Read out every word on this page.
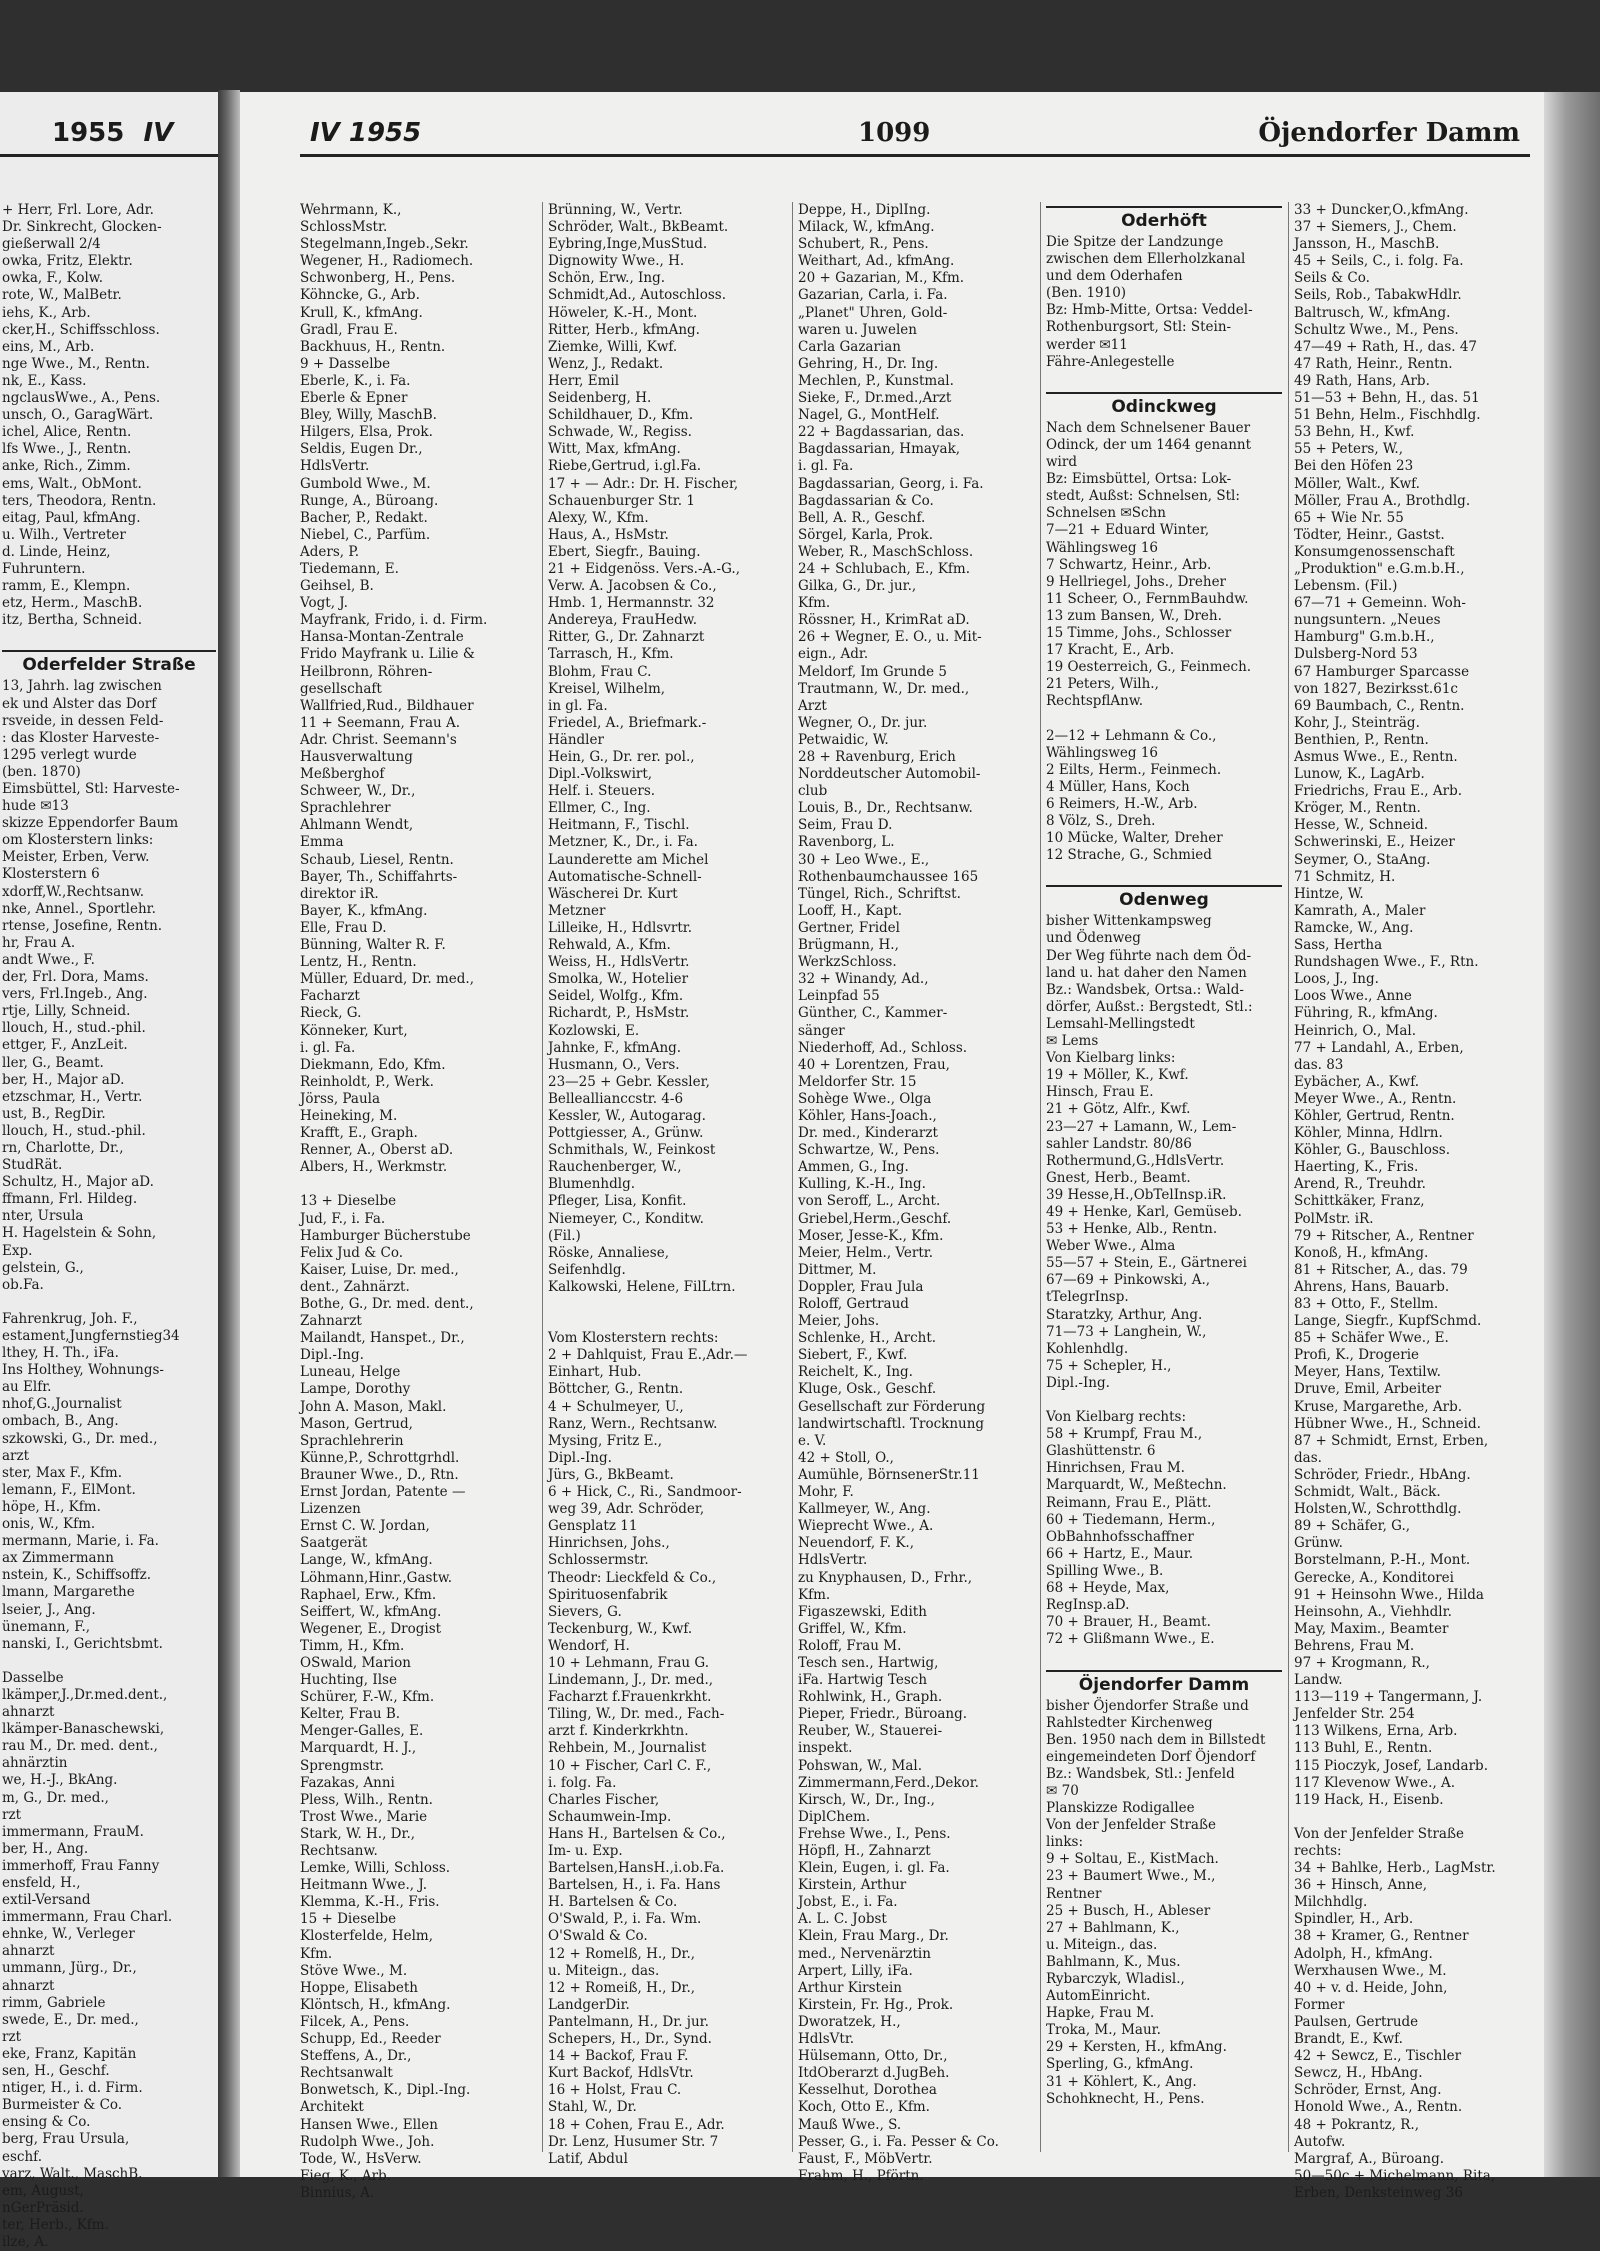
1955 IV
+ Herr, Frl. Lore, Adr.
Dr. Sinkrecht, Glocken-
gießerwall 2/4
owka, Fritz, Elektr.
owka, F., Kolw.
rote, W., MalBetr.
iehs, K., Arb.
cker,H., Schiffsschloss.
eins, M., Arb.
nge Wwe., M., Rentn.
nk, E., Kass.
ngclausWwe., A., Pens.
unsch, O., GaragWärt.
ichel, Alice, Rentn.
lfs Wwe., J., Rentn.
anke, Rich., Zimm.
ems, Walt., ObMont.
ters, Theodora, Rentn.
eitag, Paul, kfmAng.
u. Wilh., Vertreter
d. Linde, Heinz,
Fuhruntern.
ramm, E., Klempn.
etz, Herm., MaschB.
itz, Bertha, Schneid.
Oderfelder Straße
13, Jahrh. lag zwischen
ek und Alster das Dorf
rsveide, in dessen Feld-
: das Kloster Harveste-
1295 verlegt wurde
(ben. 1870)
Eimsbüttel, Stl: Harveste-
hude ✉13
skizze Eppendorfer Baum
om Klosterstern links:
Meister, Erben, Verw.
Klosterstern 6
xdorff,W.,Rechtsanw.
nke, Annel., Sportlehr.
rtense, Josefine, Rentn.
hr, Frau A.
andt Wwe., F.
der, Frl. Dora, Mams.
vers, Frl.Ingeb., Ang.
rtje, Lilly, Schneid.
llouch, H., stud.-phil.
ettger, F., AnzLeit.
ller, G., Beamt.
ber, H., Major aD.
etzschmar, H., Vertr.
ust, B., RegDir.
llouch, H., stud.-phil.
rn, Charlotte, Dr.,
StudRät.
Schultz, H., Major aD.
ffmann, Frl. Hildeg.
nter, Ursula
H. Hagelstein & Sohn,
Exp.
gelstein, G.,
ob.Fa.
Fahrenkrug, Joh. F.,
estament,Jungfernstieg34
lthey, H. Th., iFa.
Ins Holthey, Wohnungs-
au Elfr.
nhof,G.,Journalist
ombach, B., Ang.
szkowski, G., Dr. med.,
arzt
ster, Max F., Kfm.
lemann, F., ElMont.
höpe, H., Kfm.
onis, W., Kfm.
mermann, Marie, i. Fa.
ax Zimmermann
nstein, K., Schiffsoffz.
lmann, Margarethe
lseier, J., Ang.
ünemann, F.,
nanski, I., Gerichtsbmt.
Dasselbe
lkämper,J.,Dr.med.dent.,
ahnarzt
lkämper-Banaschewski,
rau M., Dr. med. dent.,
ahnärztin
we, H.-J., BkAng.
m, G., Dr. med.,
rzt
immermann, FrauM.
ber, H., Ang.
immerhoff, Frau Fanny
ensfeld, H.,
extil-Versand
immermann, Frau Charl.
ehnke, W., Verleger
ahnarzt
ummann, Jürg., Dr.,
ahnarzt
rimm, Gabriele
swede, E., Dr. med.,
rzt
eke, Franz, Kapitän
sen, H., Geschf.
ntiger, H., i. d. Firm.
Burmeister & Co.
ensing & Co.
berg, Frau Ursula,
eschf.
varz, Walt., MaschB.
em, August,
nGerPräsid.
ter, Herb., Kfm.
ilze, A.
IV 1955	1099	Öjendorfer Damm
Wehrmann, K.,
SchlossMstr.
Stegelmann,Ingeb.,Sekr.
Wegener, H., Radiomech.
Schwonberg, H., Pens.
Köhncke, G., Arb.
Krull, K., kfmAng.
Gradl, Frau E.
Backhuus, H., Rentn.
9 + Dasselbe
Eberle, K., i. Fa.
Eberle & Epner
Bley, Willy, MaschB.
Hilgers, Elsa, Prok.
Seldis, Eugen Dr.,
HdlsVertr.
Gumbold Wwe., M.
Runge, A., Büroang.
Bacher, P., Redakt.
Niebel, C., Parfüm.
Aders, P.
Tiedemann, E.
Geihsel, B.
Vogt, J.
Mayfrank, Frido, i. d. Firm.
Hansa-Montan-Zentrale
Frido Mayfrank u. Lilie &
Heilbronn, Röhren-
gesellschaft
Wallfried,Rud., Bildhauer
11 + Seemann, Frau A.
Adr. Christ. Seemann's
Hausverwaltung
Meßberghof
Schweer, W., Dr.,
Sprachlehrer
Ahlmann Wendt,
Emma
Schaub, Liesel, Rentn.
Bayer, Th., Schiffahrts-
direktor iR.
Bayer, K., kfmAng.
Elle, Frau D.
Bünning, Walter R. F.
Lentz, H., Rentn.
Müller, Eduard, Dr. med.,
Facharzt
Rieck, G.
Könneker, Kurt,
i. gl. Fa.
Diekmann, Edo, Kfm.
Reinholdt, P., Werk.
Jörss, Paula
Heineking, M.
Krafft, E., Graph.
Renner, A., Oberst aD.
Albers, H., Werkmstr.
13 + Dieselbe
Jud, F., i. Fa.
Hamburger Bücherstube
Felix Jud & Co.
Kaiser, Luise, Dr. med.,
dent., Zahnärzt.
Bothe, G., Dr. med. dent.,
Zahnarzt
Mailandt, Hanspet., Dr.,
Dipl.-Ing.
Luneau, Helge
Lampe, Dorothy
John A. Mason, Makl.
Mason, Gertrud,
Sprachlehrerin
Künne,P., Schrottgrhdl.
Brauner Wwe., D., Rtn.
Ernst Jordan, Patente —
Lizenzen
Ernst C. W. Jordan,
Saatgerät
Lange, W., kfmAng.
Löhmann,Hinr.,Gastw.
Raphael, Erw., Kfm.
Seiffert, W., kfmAng.
Wegener, E., Drogist
Timm, H., Kfm.
OSwald, Marion
Huchting, Ilse
Schürer, F.-W., Kfm.
Kelter, Frau B.
Menger-Galles, E.
Marquardt, H. J.,
Sprengmstr.
Fazakas, Anni
Pless, Wilh., Rentn.
Trost Wwe., Marie
Stark, W. H., Dr.,
Rechtsanw.
Lemke, Willi, Schloss.
Heitmann Wwe., J.
Klemma, K.-H., Fris.
15 + Dieselbe
Klosterfelde, Helm,
Kfm.
Stöve Wwe., M.
Hoppe, Elisabeth
Klöntsch, H., kfmAng.
Filcek, A., Pens.
Schupp, Ed., Reeder
Steffens, A., Dr.,
Rechtsanwalt
Bonwetsch, K., Dipl.-Ing.
Architekt
Hansen Wwe., Ellen
Rudolph Wwe., Joh.
Tode, W., HsVerw.
Fieg, K., Arb.
Binnius, A.
Brünning, W., Vertr.
Schröder, Walt., BkBeamt.
Eybring,Inge,MusStud.
Dignowity Wwe., H.
Schön, Erw., Ing.
Schmidt,Ad., Autoschloss.
Höweler, K.-H., Mont.
Ritter, Herb., kfmAng.
Ziemke, Willi, Kwf.
Wenz, J., Redakt.
Herr, Emil
Seidenberg, H.
Schildhauer, D., Kfm.
Schwade, W., Regiss.
Witt, Max, kfmAng.
Riebe,Gertrud, i.gl.Fa.
17 + — Adr.: Dr. H. Fischer,
Schauenburger Str. 1
Alexy, W., Kfm.
Haus, A., HsMstr.
Ebert, Siegfr., Bauing.
21 + Eidgenöss. Vers.-A.-G.,
Verw. A. Jacobsen & Co.,
Hmb. 1, Hermannstr. 32
Andereya, FrauHedw.
Ritter, G., Dr. Zahnarzt
Tarrasch, H., Kfm.
Blohm, Frau C.
Kreisel, Wilhelm,
in gl. Fa.
Friedel, A., Briefmark.-
Händler
Hein, G., Dr. rer. pol.,
Dipl.-Volkswirt,
Helf. i. Steuers.
Ellmer, C., Ing.
Heitmann, F., Tischl.
Metzner, K., Dr., i. Fa.
Launderette am Michel
Automatische-Schnell-
Wäscherei Dr. Kurt
Metzner
Lilleike, H., Hdlsvrtr.
Rehwald, A., Kfm.
Weiss, H., HdlsVertr.
Smolka, W., Hotelier
Seidel, Wolfg., Kfm.
Richardt, P., HsMstr.
Kozlowski, E.
Jahnke, F., kfmAng.
Husmann, O., Vers.
23—25 + Gebr. Kessler,
Belleallianccstr. 4-6
Kessler, W., Autogarag.
Pottgiesser, A., Grünw.
Schmithals, W., Feinkost
Rauchenberger, W.,
Blumenhdlg.
Pfleger, Lisa, Konfit.
Niemeyer, C., Konditw.
(Fil.)
Röske, Annaliese,
Seifenhdlg.
Kalkowski, Helene, FilLtrn.
Vom Klosterstern rechts:
2 + Dahlquist, Frau E.,Adr.—
Einhart, Hub.
Böttcher, G., Rentn.
4 + Schulmeyer, U.,
Ranz, Wern., Rechtsanw.
Mysing, Fritz E.,
Dipl.-Ing.
Jürs, G., BkBeamt.
6 + Hick, C., Ri., Sandmoor-
weg 39, Adr. Schröder,
Gensplatz 11
Hinrichsen, Johs.,
Schlossermstr.
Theodr: Lieckfeld & Co.,
Spirituosenfabrik
Sievers, G.
Teckenburg, W., Kwf.
Wendorf, H.
10 + Lehmann, Frau G.
Lindemann, J., Dr. med.,
Facharzt f.Frauenkrkht.
Tiling, W., Dr. med., Fach-
arzt f. Kinderkrkhtn.
Rehbein, M., Journalist
10 + Fischer, Carl C. F.,
i. folg. Fa.
Charles Fischer,
Schaumwein-Imp.
Hans H., Bartelsen & Co.,
Im- u. Exp.
Bartelsen,HansH.,i.ob.Fa.
Bartelsen, H., i. Fa. Hans
H. Bartelsen & Co.
O'Swald, P., i. Fa. Wm.
O'Swald & Co.
12 + Romelß, H., Dr.,
u. Miteign., das.
12 + Romeiß, H., Dr.,
LandgerDir.
Pantelmann, H., Dr. jur.
Schepers, H., Dr., Synd.
14 + Backof, Frau F.
Kurt Backof, HdlsVtr.
16 + Holst, Frau C.
Stahl, W., Dr.
18 + Cohen, Frau E., Adr.
Dr. Lenz, Husumer Str. 7
Latif, Abdul
Deppe, H., DiplIng.
Milack, W., kfmAng.
Schubert, R., Pens.
Weithart, Ad., kfmAng.
20 + Gazarian, M., Kfm.
Gazarian, Carla, i. Fa.
„Planet" Uhren, Gold-
waren u. Juwelen
Carla Gazarian
Gehring, H., Dr. Ing.
Mechlen, P., Kunstmal.
Sieke, F., Dr.med.,Arzt
Nagel, G., MontHelf.
22 + Bagdassarian, das.
Bagdassarian, Hmayak,
i. gl. Fa.
Bagdassarian, Georg, i. Fa.
Bagdassarian & Co.
Bell, A. R., Geschf.
Sörgel, Karla, Prok.
Weber, R., MaschSchloss.
24 + Schlubach, E., Kfm.
Gilka, G., Dr. jur.,
Kfm.
Rössner, H., KrimRat aD.
26 + Wegner, E. O., u. Mit-
eign., Adr.
Meldorf, Im Grunde 5
Trautmann, W., Dr. med.,
Arzt
Wegner, O., Dr. jur.
Petwaidic, W.
28 + Ravenburg, Erich
Norddeutscher Automobil-
club
Louis, B., Dr., Rechtsanw.
Seim, Frau D.
Ravenborg, L.
30 + Leo Wwe., E.,
Rothenbaumchaussee 165
Tüngel, Rich., Schriftst.
Looff, H., Kapt.
Gertner, Fridel
Brügmann, H.,
WerkzSchloss.
32 + Winandy, Ad.,
Leinpfad 55
Günther, C., Kammer-
sänger
Niederhoff, Ad., Schloss.
40 + Lorentzen, Frau,
Meldorfer Str. 15
Sohège Wwe., Olga
Köhler, Hans-Joach.,
Dr. med., Kinderarzt
Schwartze, W., Pens.
Ammen, G., Ing.
Kulling, K.-H., Ing.
von Seroff, L., Archt.
Griebel,Herm.,Geschf.
Moser, Jesse-K., Kfm.
Meier, Helm., Vertr.
Dittmer, M.
Doppler, Frau Jula
Roloff, Gertraud
Meier, Johs.
Schlenke, H., Archt.
Siebert, F., Kwf.
Reichelt, K., Ing.
Kluge, Osk., Geschf.
Gesellschaft zur Förderung
landwirtschaftl. Trocknung
e. V.
42 + Stoll, O.,
Aumühle, BörnsenerStr.11
Mohr, F.
Kallmeyer, W., Ang.
Wieprecht Wwe., A.
Neuendorf, F. K.,
HdlsVertr.
zu Knyphausen, D., Frhr.,
Kfm.
Figaszewski, Edith
Griffel, W., Kfm.
Roloff, Frau M.
Tesch sen., Hartwig,
iFa. Hartwig Tesch
Rohlwink, H., Graph.
Pieper, Friedr., Büroang.
Reuber, W., Stauerei-
inspekt.
Pohswan, W., Mal.
Zimmermann,Ferd.,Dekor.
Kirsch, W., Dr., Ing.,
DiplChem.
Frehse Wwe., I., Pens.
Höpfl, H., Zahnarzt
Klein, Eugen, i. gl. Fa.
Kirstein, Arthur
Jobst, E., i. Fa.
A. L. C. Jobst
Klein, Frau Marg., Dr.
med., Nervenärztin
Arpert, Lilly, iFa.
Arthur Kirstein
Kirstein, Fr. Hg., Prok.
Dworatzek, H.,
HdlsVtr.
Hülsemann, Otto, Dr.,
ItdOberarzt d.JugBeh.
Kesselhut, Dorothea
Koch, Otto E., Kfm.
Mauß Wwe., S.
Pesser, G., i. Fa. Pesser & Co.
Faust, F., MöbVertr.
Frahm, H., Pförtn.
Oderhöft
Die Spitze der Landzunge
zwischen dem Ellerholzkanal
und dem Oderhafen
(Ben. 1910)
Bz: Hmb-Mitte, Ortsa: Veddel-
Rothenburgsort, Stl: Stein-
werder ✉11
Fähre-Anlegestelle
Odinckweg
Nach dem Schnelsener Bauer
Odinck, der um 1464 genannt
wird
Bz: Eimsbüttel, Ortsa: Lok-
stedt, Außst: Schnelsen, Stl:
Schnelsen ✉Schn
7—21 + Eduard Winter,
Wählingsweg 16
7 Schwartz, Heinr., Arb.
9 Hellriegel, Johs., Dreher
11 Scheer, O., FernmBauhdw.
13 zum Bansen, W., Dreh.
15 Timme, Johs., Schlosser
17 Kracht, E., Arb.
19 Oesterreich, G., Feinmech.
21 Peters, Wilh.,
RechtspflAnw.
2—12 + Lehmann & Co.,
Wählingsweg 16
2 Eilts, Herm., Feinmech.
4 Müller, Hans, Koch
6 Reimers, H.-W., Arb.
8 Völz, S., Dreh.
10 Mücke, Walter, Dreher
12 Strache, G., Schmied
Odenweg
bisher Wittenkampsweg
und Ödenweg
Der Weg führte nach dem Öd-
land u. hat daher den Namen
Bz.: Wandsbek, Ortsa.: Wald-
dörfer, Außst.: Bergstedt, Stl.:
Lemsahl-Mellingstedt
✉ Lems
Von Kielbarg links:
19 + Möller, K., Kwf.
Hinsch, Frau E.
21 + Götz, Alfr., Kwf.
23—27 + Lamann, W., Lem-
sahler Landstr. 80/86
Rothermund,G.,HdlsVertr.
Gnest, Herb., Beamt.
39 Hesse,H.,ObTelInsp.iR.
49 + Henke, Karl, Gemüseb.
53 + Henke, Alb., Rentn.
Weber Wwe., Alma
55—57 + Stein, E., Gärtnerei
67—69 + Pinkowski, A.,
tTelegrInsp.
Staratzky, Arthur, Ang.
71—73 + Langhein, W.,
Kohlenhdlg.
75 + Schepler, H.,
Dipl.-Ing.
Von Kielbarg rechts:
58 + Krumpf, Frau M.,
Glashüttenstr. 6
Hinrichsen, Frau M.
Marquardt, W., Meßtechn.
Reimann, Frau E., Plätt.
60 + Tiedemann, Herm.,
ObBahnhofsschaffner
66 + Hartz, E., Maur.
Spilling Wwe., B.
68 + Heyde, Max,
RegInsp.aD.
70 + Brauer, H., Beamt.
72 + Glißmann Wwe., E.
Öjendorfer Damm
bisher Öjendorfer Straße und
Rahlstedter Kirchenweg
Ben. 1950 nach dem in Billstedt
eingemeindeten Dorf Öjendorf
Bz.: Wandsbek, Stl.: Jenfeld
✉ 70
Planskizze Rodigallee
Von der Jenfelder Straße
links:
9 + Soltau, E., KistMach.
23 + Baumert Wwe., M.,
Rentner
25 + Busch, H., Ableser
27 + Bahlmann, K.,
u. Miteign., das.
Bahlmann, K., Mus.
Rybarczyk, Wladisl.,
AutomEinricht.
Hapke, Frau M.
Troka, M., Maur.
29 + Kersten, H., kfmAng.
Sperling, G., kfmAng.
31 + Köhlert, K., Ang.
Schohknecht, H., Pens.
33 + Duncker,O.,kfmAng.
37 + Siemers, J., Chem.
Jansson, H., MaschB.
45 + Seils, C., i. folg. Fa.
Seils & Co.
Seils, Rob., TabakwHdlr.
Baltrusch, W., kfmAng.
Schultz Wwe., M., Pens.
47—49 + Rath, H., das. 47
47 Rath, Heinr., Rentn.
49 Rath, Hans, Arb.
51—53 + Behn, H., das. 51
51 Behn, Helm., Fischhdlg.
53 Behn, H., Kwf.
55 + Peters, W.,
Bei den Höfen 23
Möller, Walt., Kwf.
Möller, Frau A., Brothdlg.
65 + Wie Nr. 55
Tödter, Heinr., Gastst.
Konsumgenossenschaft
„Produktion" e.G.m.b.H.,
Lebensm. (Fil.)
67—71 + Gemeinn. Woh-
nungsuntern. „Neues
Hamburg" G.m.b.H.,
Dulsberg-Nord 53
67 Hamburger Sparcasse
von 1827, Bezirksst.61c
69 Baumbach, C., Rentn.
Kohr, J., Steinträg.
Benthien, P., Rentn.
Asmus Wwe., E., Rentn.
Lunow, K., LagArb.
Friedrichs, Frau E., Arb.
Kröger, M., Rentn.
Hesse, W., Schneid.
Schwerinski, E., Heizer
Seymer, O., StaAng.
71 Schmitz, H.
Hintze, W.
Kamrath, A., Maler
Ramcke, W., Ang.
Sass, Hertha
Rundshagen Wwe., F., Rtn.
Loos, J., Ing.
Loos Wwe., Anne
Führing, R., kfmAng.
Heinrich, O., Mal.
77 + Landahl, A., Erben,
das. 83
Eybächer, A., Kwf.
Meyer Wwe., A., Rentn.
Köhler, Gertrud, Rentn.
Köhler, Minna, Hdlrn.
Köhler, G., Bauschloss.
Haerting, K., Fris.
Arend, R., Treuhdr.
Schittkäker, Franz,
PolMstr. iR.
79 + Ritscher, A., Rentner
Konoß, H., kfmAng.
81 + Ritscher, A., das. 79
Ahrens, Hans, Bauarb.
83 + Otto, F., Stellm.
Lange, Siegfr., KupfSchmd.
85 + Schäfer Wwe., E.
Profi, K., Drogerie
Meyer, Hans, Textilw.
Druve, Emil, Arbeiter
Kruse, Margarethe, Arb.
Hübner Wwe., H., Schneid.
87 + Schmidt, Ernst, Erben,
das.
Schröder, Friedr., HbAng.
Schmidt, Walt., Bäck.
Holsten,W., Schrotthdlg.
89 + Schäfer, G.,
Grünw.
Borstelmann, P.-H., Mont.
Gerecke, A., Konditorei
91 + Heinsohn Wwe., Hilda
Heinsohn, A., Viehhdlr.
May, Maxim., Beamter
Behrens, Frau M.
97 + Krogmann, R.,
Landw.
113—119 + Tangermann, J.
Jenfelder Str. 254
113 Wilkens, Erna, Arb.
113 Buhl, E., Rentn.
115 Pioczyk, Josef, Landarb.
117 Klevenow Wwe., A.
119 Hack, H., Eisenb.
Von der Jenfelder Straße
rechts:
34 + Bahlke, Herb., LagMstr.
36 + Hinsch, Anne,
Milchhdlg.
Spindler, H., Arb.
38 + Kramer, G., Rentner
Adolph, H., kfmAng.
Werxhausen Wwe., M.
40 + v. d. Heide, John,
Former
Paulsen, Gertrude
Brandt, E., Kwf.
42 + Sewcz, E., Tischler
Sewcz, H., HbAng.
Schröder, Ernst, Ang.
Honold Wwe., A., Rentn.
48 + Pokrantz, R.,
Autofw.
Margraf, A., Büroang.
50—50c + Michelmann, Rita,
Erben, Denksteinweg 36
